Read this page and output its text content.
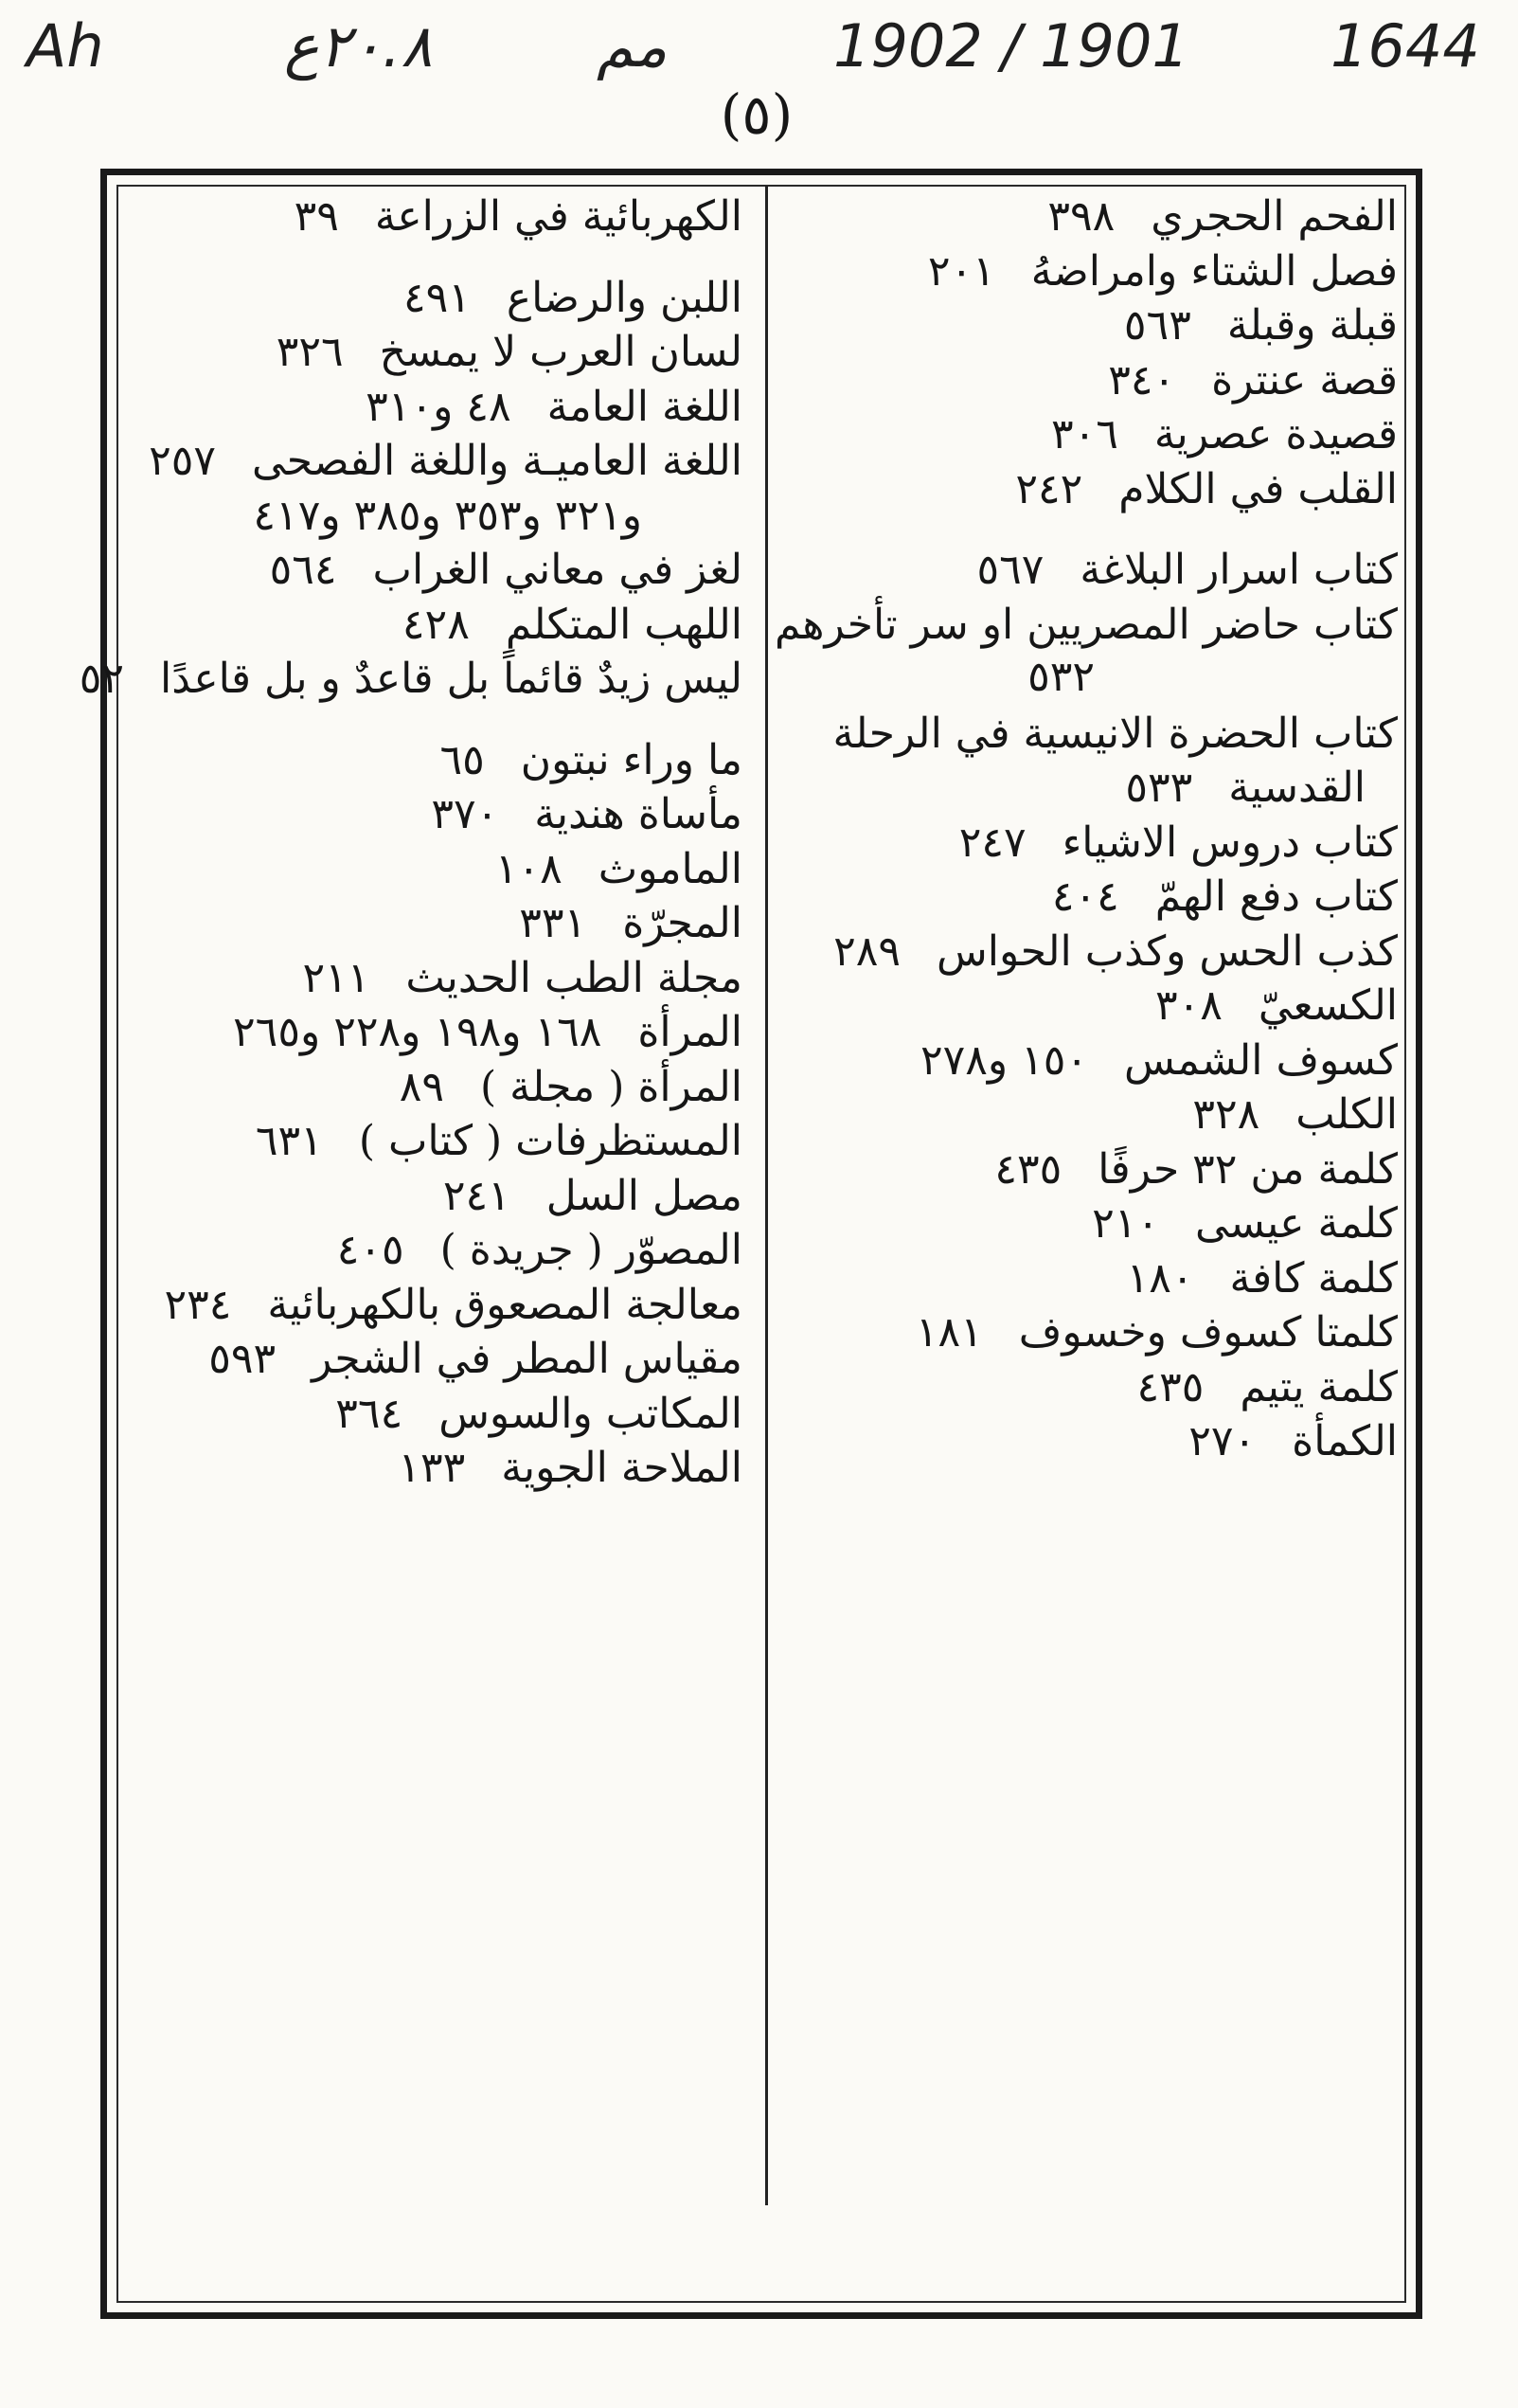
Ah	٢٠.٨ع	مم	1902 / 1901 1644
(٥)
الفحم الحجري٣٩٨
فصل الشتاء وامراضهُ٢٠١
قبلة وقبلة٥٦٣
قصة عنترة٣٤٠
قصيدة عصرية٣٠٦
القلب في الكلام٢٤٢
كتاب اسرار البلاغة٥٦٧
كتاب حاضر المصريين او سر تأخرهم
٥٣٢
كتاب الحضرة الانيسية في الرحلة
القدسية٥٣٣
كتاب دروس الاشياء٢٤٧
كتاب دفع الهمّ٤٠٤
كذب الحس وكذب الحواس٢٨٩
الكسعيّ٣٠٨
كسوف الشمس١٥٠ و٢٧٨
الكلب٣٢٨
كلمة من ٣٢ حرفًا٤٣٥
كلمة عيسى٢١٠
كلمة كافة١٨٠
كلمتا كسوف وخسوف١٨١
كلمة يتيم٤٣٥
الكمأة٢٧٠
الكهربائية في الزراعة٣٩
اللبن والرضاع٤٩١
لسان العرب لا يمسخ٣٢٦
اللغة العامة٤٨ و٣١٠
اللغة العاميـة واللغة الفصحى٢٥٧
و٣٢١ و٣٥٣ و٣٨٥ و٤١٧
لغز في معاني الغراب٥٦٤
اللهب المتكلم٤٢٨
ليس زيدٌ قائماً بل قاعدٌ و بل قاعدًا٥٢
ما وراء نبتون٦٥
مأساة هندية٣٧٠
الماموث١٠٨
المجرّة٣٣١
مجلة الطب الحديث٢١١
المرأة١٦٨ و١٩٨ و٢٢٨ و٢٦٥
المرأة ( مجلة )٨٩
المستظرفات ( كتاب )٦٣١
مصل السل٢٤١
المصوّر ( جريدة )٤٠٥
معالجة المصعوق بالكهربائية٢٣٤
مقياس المطر في الشجر٥٩٣
المكاتب والسوس٣٦٤
الملاحة الجوية١٣٣
